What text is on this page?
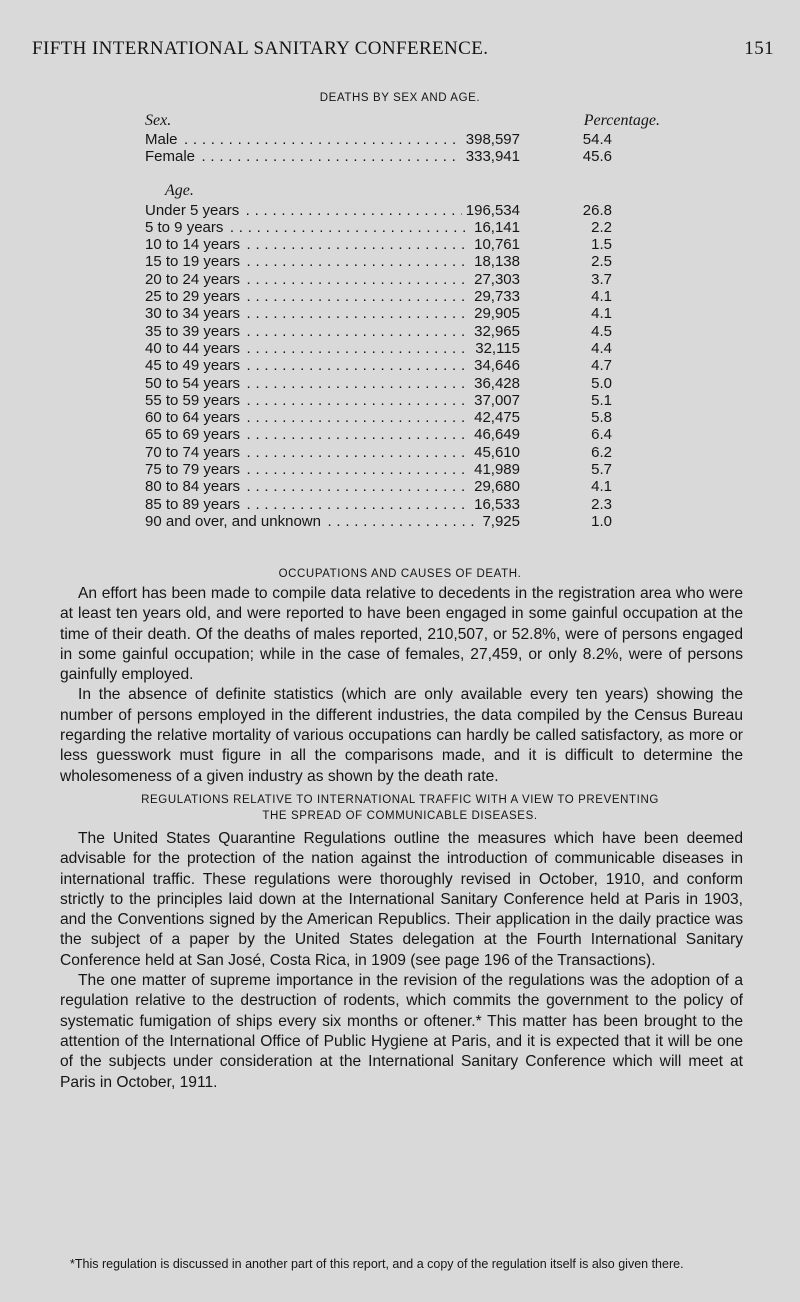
FIFTH INTERNATIONAL SANITARY CONFERENCE.	151
DEATHS BY SEX AND AGE.
Sex.	Percentage.
Male . . .	398,597	54.4
Female . . .	333,941	45.6
Age.
Under 5 years . . .	196,534	26.8
5 to 9 years . . .	16,141	2.2
10 to 14 years . . .	10,761	1.5
15 to 19 years . . .	18,138	2.5
20 to 24 years . . .	27,303	3.7
25 to 29 years . . .	29,733	4.1
30 to 34 years . . .	29,905	4.1
35 to 39 years . . .	32,965	4.5
40 to 44 years . . .	32,115	4.4
45 to 49 years . . .	34,646	4.7
50 to 54 years . . .	36,428	5.0
55 to 59 years . . .	37,007	5.1
60 to 64 years . . .	42,475	5.8
65 to 69 years . . .	46,649	6.4
70 to 74 years . . .	45,610	6.2
75 to 79 years . . .	41,989	5.7
80 to 84 years . . .	29,680	4.1
85 to 89 years . . .	16,533	2.3
90 and over, and unknown . . .	7,925	1.0
OCCUPATIONS AND CAUSES OF DEATH.

An effort has been made to compile data relative to decedents in the registration area who were at least ten years old, and were reported to have been engaged in some gainful occupation at the time of their death. Of the deaths of males reported, 210,507, or 52.8%, were of persons engaged in some gainful occupation; while in the case of females, 27,459, or only 8.2%, were of persons gainfully employed.

In the absence of definite statistics (which are only available every ten years) showing the number of persons employed in the different industries, the data compiled by the Census Bureau regarding the relative mortality of various occupations can hardly be called satisfactory, as more or less guesswork must figure in all the comparisons made, and it is difficult to determine the wholesomeness of a given industry as shown by the death rate.

REGULATIONS RELATIVE TO INTERNATIONAL TRAFFIC WITH A VIEW TO PREVENTING
THE SPREAD OF COMMUNICABLE DISEASES.

The United States Quarantine Regulations outline the measures which have been deemed advisable for the protection of the nation against the introduction of communicable diseases in international traffic. These regulations were thoroughly revised in October, 1910, and conform strictly to the principles laid down at the International Sanitary Conference held at Paris in 1903, and the Conventions signed by the American Republics. Their application in the daily practice was the subject of a paper by the United States delegation at the Fourth International Sanitary Conference held at San José, Costa Rica, in 1909 (see page 196 of the Transactions).

The one matter of supreme importance in the revision of the regulations was the adoption of a regulation relative to the destruction of rodents, which commits the government to the policy of systematic fumigation of ships every six months or oftener.* This matter has been brought to the attention of the International Office of Public Hygiene at Paris, and it is expected that it will be one of the subjects under consideration at the International Sanitary Conference which will meet at Paris in October, 1911.

*This regulation is discussed in another part of this report, and a copy of the regulation itself is also given there.
